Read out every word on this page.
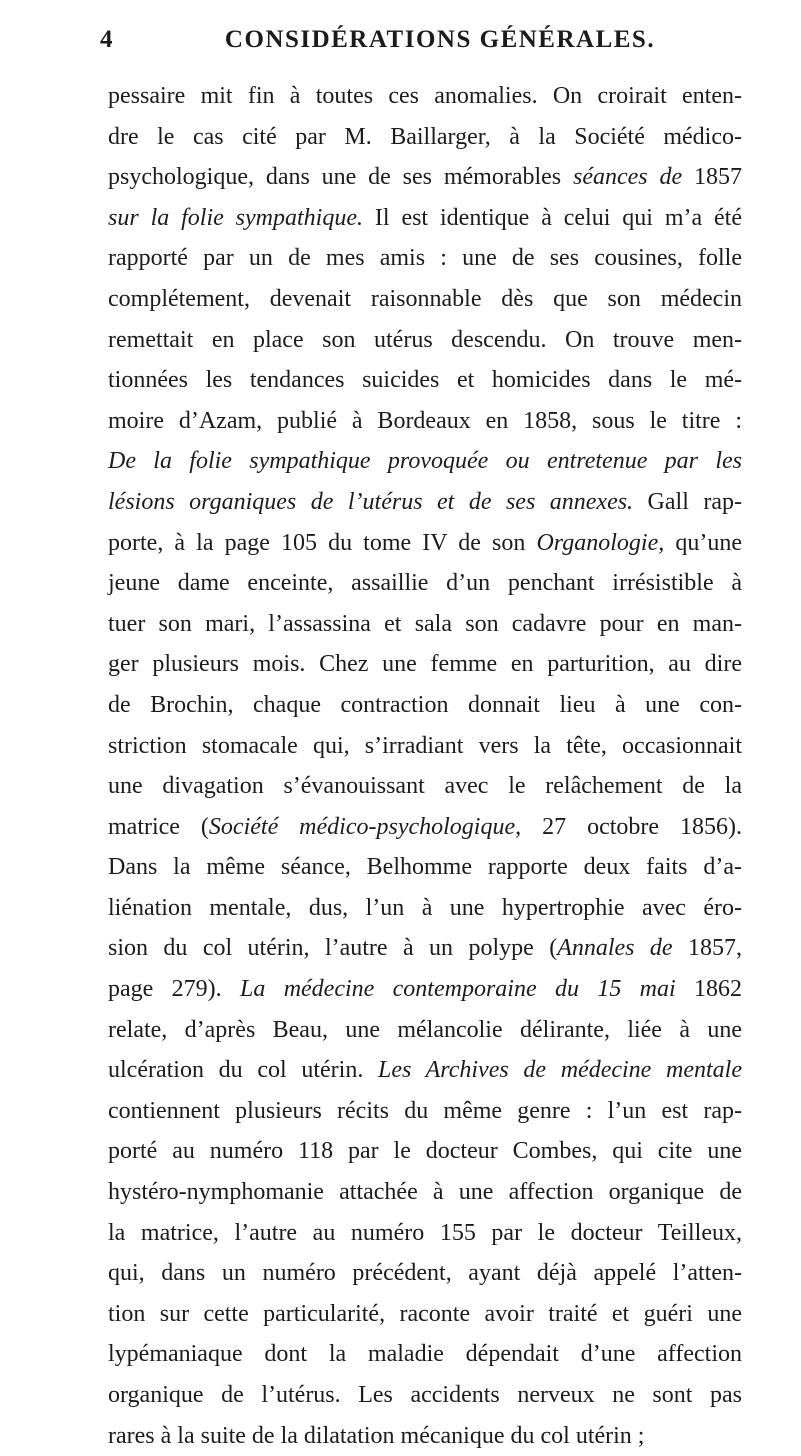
4	CONSIDÉRATIONS GÉNÉRALES.
pessaire mit fin à toutes ces anomalies. On croirait enten-
dre le cas cité par M. Baillarger, à la Société médico-
psychologique, dans une de ses mémorables séances de 1857
sur la folie sympathique. Il est identique à celui qui m’a été
rapporté par un de mes amis : une de ses cousines, folle
complétement, devenait raisonnable dès que son médecin
remettait en place son utérus descendu. On trouve men-
tionnées les tendances suicides et homicides dans le mé-
moire d’Azam, publié à Bordeaux en 1858, sous le titre :
De la folie sympathique provoquée ou entretenue par les
lésions organiques de l’utérus et de ses annexes. Gall rap-
porte, à la page 105 du tome IV de son Organologie, qu’une
jeune dame enceinte, assaillie d’un penchant irrésistible à
tuer son mari, l’assassina et sala son cadavre pour en man-
ger plusieurs mois. Chez une femme en parturition, au dire
de Brochin, chaque contraction donnait lieu à une con-
striction stomacale qui, s’irradiant vers la tête, occasionnait
une divagation s’évanouissant avec le relâchement de la
matrice (Société médico-psychologique, 27 octobre 1856).
Dans la même séance, Belhomme rapporte deux faits d’a-
liénation mentale, dus, l’un à une hypertrophie avec éro-
sion du col utérin, l’autre à un polype (Annales de 1857,
page 279). La médecine contemporaine du 15 mai 1862
relate, d’après Beau, une mélancolie délirante, liée à une
ulcération du col utérin. Les Archives de médecine mentale
contiennent plusieurs récits du même genre : l’un est rap-
porté au numéro 118 par le docteur Combes, qui cite une
hystéro-nymphomanie attachée à une affection organique de
la matrice, l’autre au numéro 155 par le docteur Teilleux,
qui, dans un numéro précédent, ayant déjà appelé l’atten-
tion sur cette particularité, raconte avoir traité et guéri une
lypémaniaque dont la maladie dépendait d’une affection
organique de l’utérus. Les accidents nerveux ne sont pas
rares à la suite de la dilatation mécanique du col utérin ;
